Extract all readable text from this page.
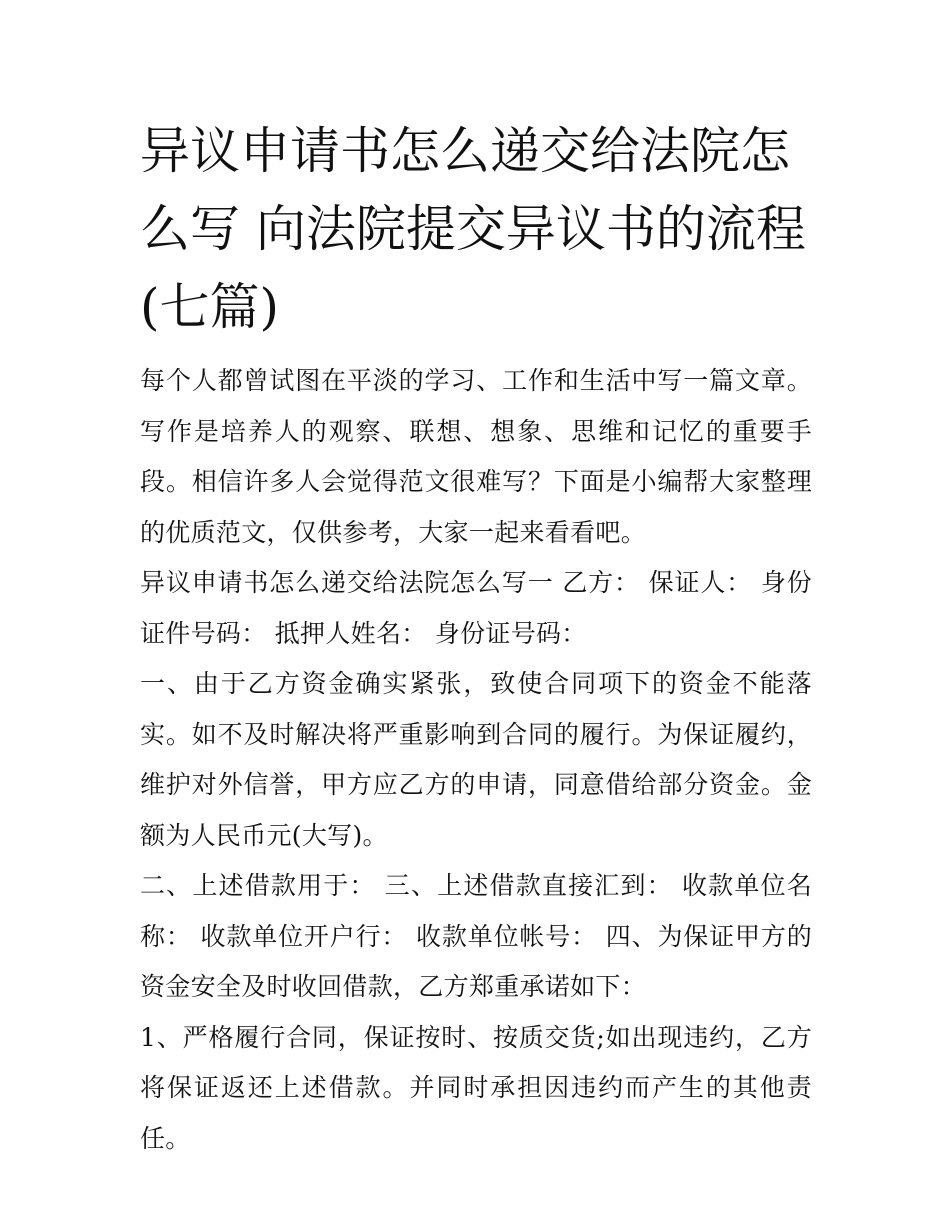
异议申请书怎么递交给法院怎么写 向法院提交异议书的流程(七篇)

每个人都曾试图在平淡的学习、工作和生活中写一篇文章。写作是培养人的观察、联想、想象、思维和记忆的重要手段。相信许多人会觉得范文很难写？下面是小编帮大家整理的优质范文，仅供参考，大家一起来看看吧。

异议申请书怎么递交给法院怎么写一 乙方： 保证人： 身份证件号码： 抵押人姓名： 身份证号码：

一、由于乙方资金确实紧张，致使合同项下的资金不能落实。如不及时解决将严重影响到合同的履行。为保证履约，维护对外信誉，甲方应乙方的申请，同意借给部分资金。金额为人民币元(大写)。

二、上述借款用于： 三、上述借款直接汇到： 收款单位名称： 收款单位开户行： 收款单位帐号： 四、为保证甲方的资金安全及时收回借款，乙方郑重承诺如下：

1、严格履行合同，保证按时、按质交货;如出现违约，乙方将保证返还上述借款。并同时承担因违约而产生的其他责任。
